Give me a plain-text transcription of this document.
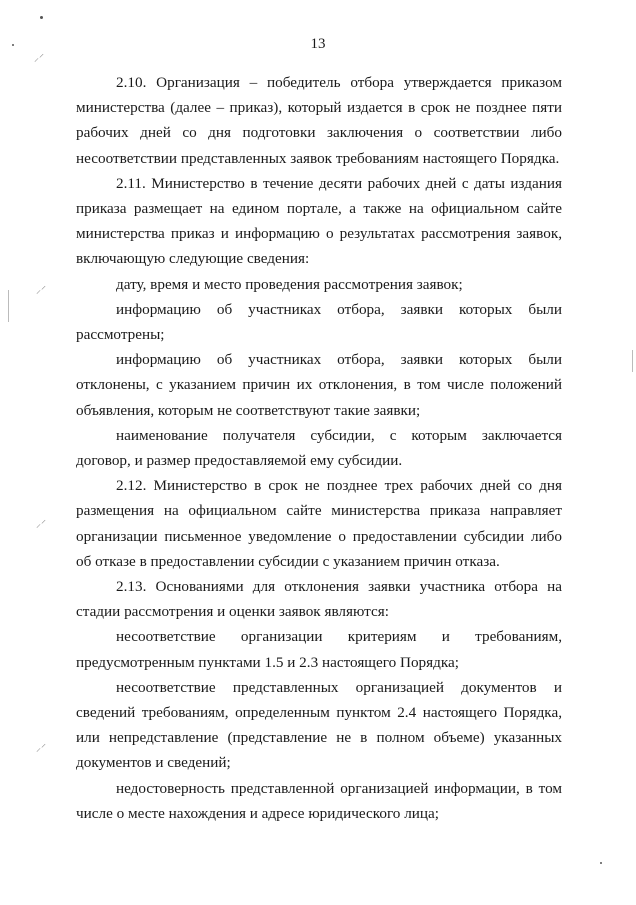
13

2.10. Организация – победитель отбора утверждается приказом министерства (далее – приказ), который издается в срок не позднее пяти рабочих дней со дня подготовки заключения о соответствии либо несоответствии представленных заявок требованиям настоящего Порядка.

2.11. Министерство в течение десяти рабочих дней с даты издания приказа размещает на едином портале, а также на официальном сайте министерства приказ и информацию о результатах рассмотрения заявок, включающую следующие сведения:

дату, время и место проведения рассмотрения заявок;

информацию об участниках отбора, заявки которых были рассмотрены;

информацию об участниках отбора, заявки которых были отклонены, с указанием причин их отклонения, в том числе положений объявления, которым не соответствуют такие заявки;

наименование получателя субсидии, с которым заключается договор, и размер предоставляемой ему субсидии.

2.12. Министерство в срок не позднее трех рабочих дней со дня размещения на официальном сайте министерства приказа направляет организации письменное уведомление о предоставлении субсидии либо об отказе в предоставлении субсидии с указанием причин отказа.

2.13. Основаниями для отклонения заявки участника отбора на стадии рассмотрения и оценки заявок являются:

несоответствие организации критериям и требованиям, предусмотренным пунктами 1.5 и 2.3 настоящего Порядка;

несоответствие представленных организацией документов и сведений требованиям, определенным пунктом 2.4 настоящего Порядка, или непредставление (представление не в полном объеме) указанных документов и сведений;

недостоверность представленной организацией информации, в том числе о месте нахождения и адресе юридического лица;

⸝⸍
⸝⸍
⸝⸍
⸝⸍
